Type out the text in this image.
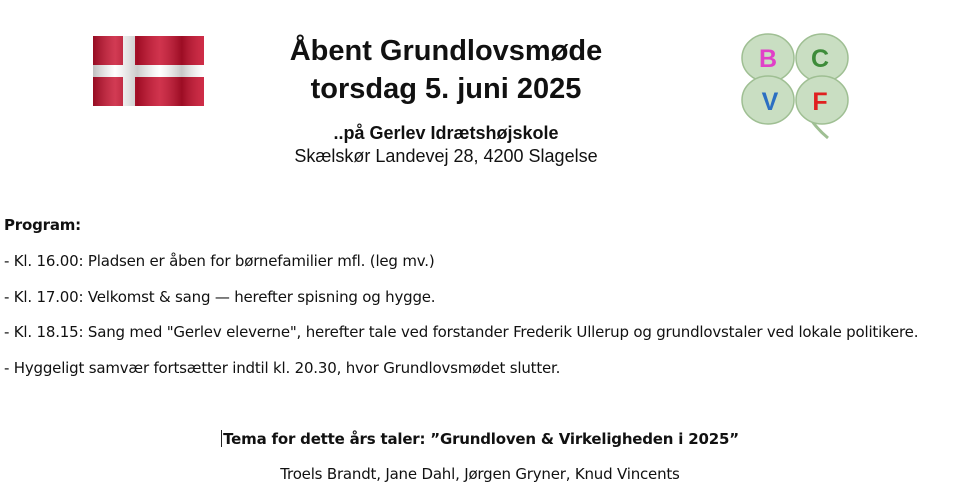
B C
V F
Åbent Grundlovsmøde
torsdag 5. juni 2025
..på Gerlev Idrætshøjskole
Skælskør Landevej 28, 4200 Slagelse
Program:
- Kl. 16.00: Pladsen er åben for børnefamilier mfl. (leg mv.)
- Kl. 17.00: Velkomst & sang — herefter spisning og hygge.
- Kl. 18.15: Sang med "Gerlev eleverne", herefter tale ved forstander Frederik Ullerup og grundlovstaler ved lokale politikere.
- Hyggeligt samvær fortsætter indtil kl. 20.30, hvor Grundlovsmødet slutter.
Tema for dette års taler: ”Grundloven & Virkeligheden i 2025”
Troels Brandt, Jane Dahl, Jørgen Gryner, Knud Vincents
